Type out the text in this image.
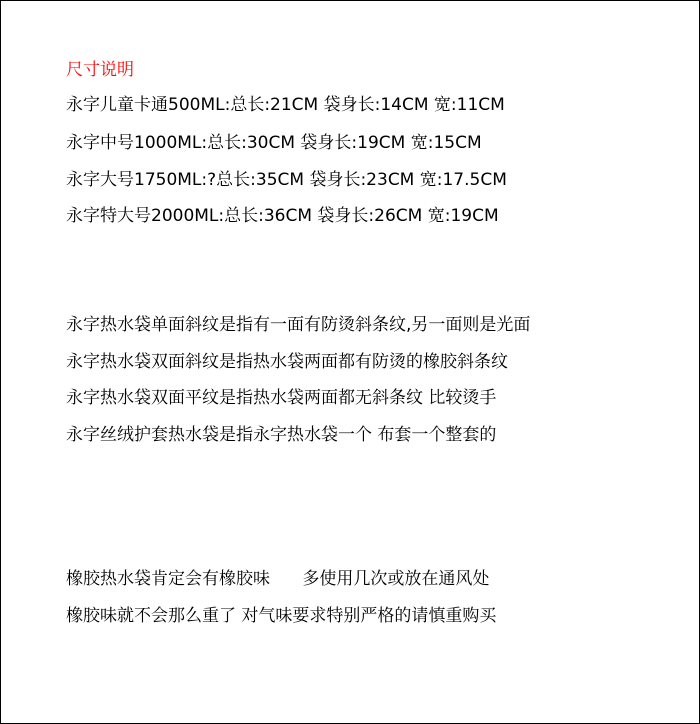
尺寸说明
永字儿童卡通500ML:总长:21CM 袋身长:14CM 宽:11CM
永字中号1000ML:总长:30CM 袋身长:19CM 宽:15CM
永字大号1750ML:?总长:35CM 袋身长:23CM 宽:17.5CM
永字特大号2000ML:总长:36CM 袋身长:26CM 宽:19CM
永字热水袋单面斜纹是指有一面有防烫斜条纹,另一面则是光面
永字热水袋双面斜纹是指热水袋两面都有防烫的橡胶斜条纹
永字热水袋双面平纹是指热水袋两面都无斜条纹 比较烫手
永字丝绒护套热水袋是指永字热水袋一个 布套一个整套的
橡胶热水袋肯定会有橡胶味      多使用几次或放在通风处
橡胶味就不会那么重了 对气味要求特别严格的请慎重购买
